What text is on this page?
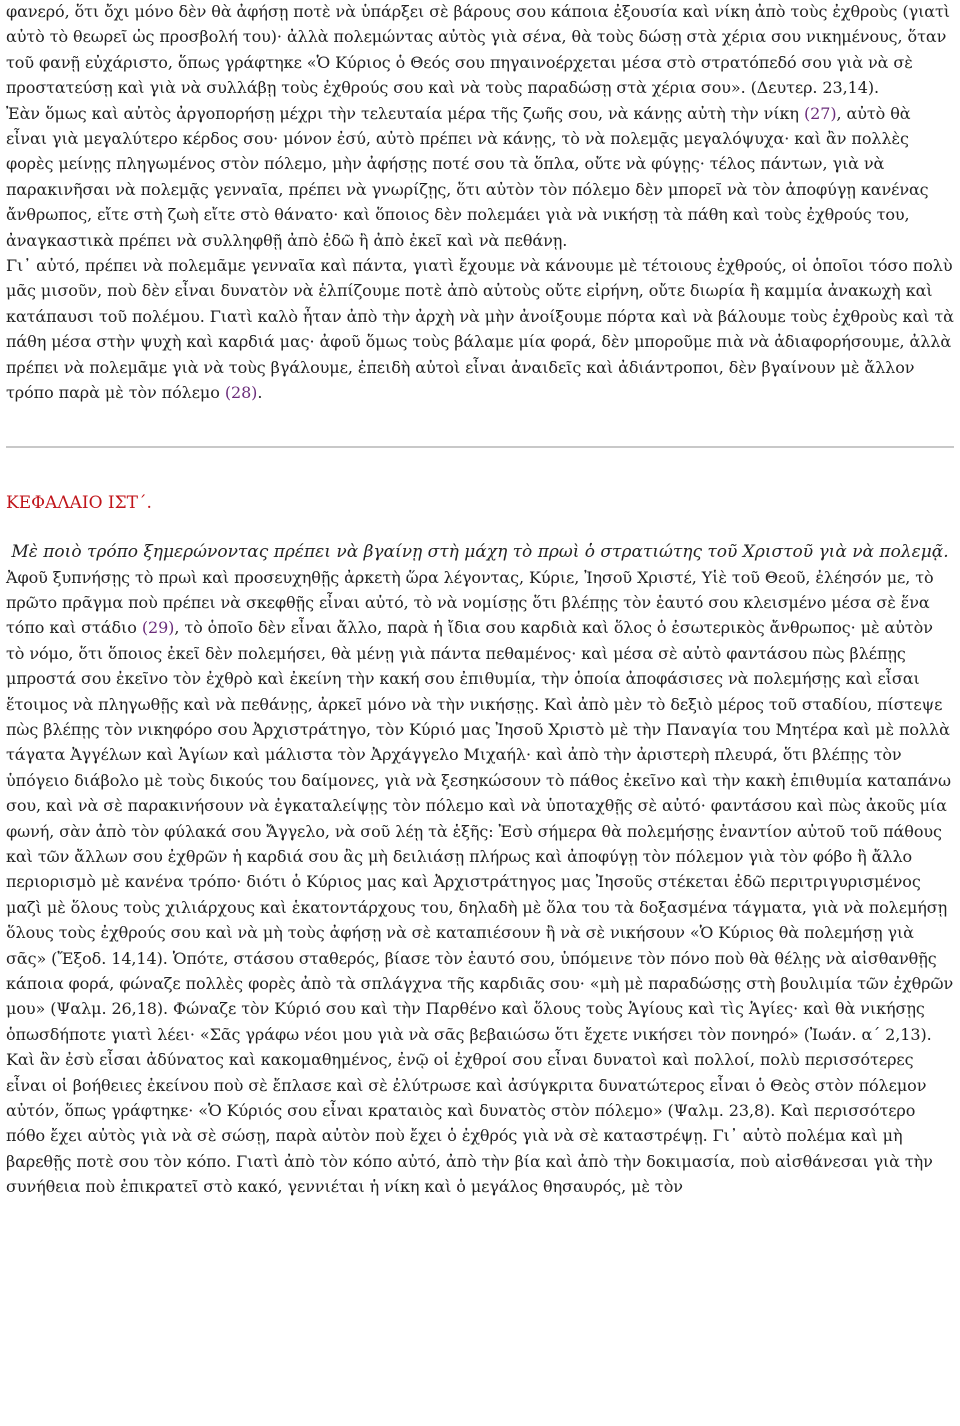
φανερό, ὅτι ὄχι μόνο δὲν θὰ ἀφήσῃ ποτὲ νὰ ὑπάρξει σὲ βάρους σου κάποια ἐξουσία καὶ νίκη ἀπὸ τοὺς ἐχθροὺς (γιατὶ αὐτὸ τὸ θεωρεῖ ὡς προσβολή του)· ἀλλὰ πολεμώντας αὐτὸς γιὰ σένα, θὰ τοὺς δώσῃ στὰ χέρια σου νικημένους, ὅταν τοῦ φανῇ εὐχάριστο, ὅπως γράφτηκε «Ὁ Κύριος ὁ Θεός σου πηγαινοέρχεται μέσα στὸ στρατόπεδό σου γιὰ νὰ σὲ προστατεύσῃ καὶ γιὰ νὰ συλλάβῃ τοὺς ἐχθρούς σου καὶ νὰ τοὺς παραδώσῃ στὰ χέρια σου». (Δευτερ. 23,14).

Ἐὰν ὅμως καὶ αὐτὸς ἀργοπορήσῃ μέχρι τὴν τελευταία μέρα τῆς ζωῆς σου, νὰ κάνῃς αὐτὴ τὴν νίκη (27), αὐτὸ θὰ εἶναι γιὰ μεγαλύτερο κέρδος σου· μόνον ἐσύ, αὐτὸ πρέπει νὰ κάνῃς, τὸ νὰ πολεμᾷς μεγαλόψυχα· καὶ ἂν πολλὲς φορὲς μείνῃς πληγωμένος στὸν πόλεμο, μὴν ἀφήσῃς ποτέ σου τὰ ὅπλα, οὔτε νὰ φύγῃς· τέλος πάντων, γιὰ νὰ παρακινῆσαι νὰ πολεμᾷς γενναῖα, πρέπει νὰ γνωρίζῃς, ὅτι αὐτὸν τὸν πόλεμο δὲν μπορεῖ νὰ τὸν ἀποφύγῃ κανένας ἄνθρωπος, εἴτε στὴ ζωὴ εἴτε στὸ θάνατο· καὶ ὅποιος δὲν πολεμάει γιὰ νὰ νικήσῃ τὰ πάθη καὶ τοὺς ἐχθρούς του, ἀναγκαστικὰ πρέπει νὰ συλληφθῇ ἀπὸ ἐδῶ ἢ ἀπὸ ἐκεῖ καὶ νὰ πεθάνῃ.

Γι᾿ αὐτό, πρέπει νὰ πολεμᾶμε γενναῖα καὶ πάντα, γιατὶ ἔχουμε νὰ κάνουμε μὲ τέτοιους ἐχθρούς, οἱ ὁποῖοι τόσο πολὺ μᾶς μισοῦν, ποὺ δὲν εἶναι δυνατὸν νὰ ἐλπίζουμε ποτὲ ἀπὸ αὐτοὺς οὔτε εἰρήνη, οὔτε διωρία ἢ καμμία ἀνακωχὴ καὶ κατάπαυσι τοῦ πολέμου. Γιατὶ καλὸ ἦταν ἀπὸ τὴν ἀρχὴ νὰ μὴν ἀνοίξουμε πόρτα καὶ νὰ βάλουμε τοὺς ἐχθροὺς καὶ τὰ πάθη μέσα στὴν ψυχὴ καὶ καρδιά μας· ἀφοῦ ὅμως τοὺς βάλαμε μία φορά, δὲν μποροῦμε πιὰ νὰ ἀδιαφορήσουμε, ἀλλὰ πρέπει νὰ πολεμᾶμε γιὰ νὰ τοὺς βγάλουμε, ἐπειδὴ αὐτοὶ εἶναι ἀναιδεῖς καὶ ἀδιάντροποι, δὲν βγαίνουν μὲ ἄλλον τρόπο παρὰ μὲ τὸν πόλεμο (28).

ΚΕΦΑΛΑΙΟ ΙΣΤ΄.
Μὲ ποιὸ τρόπο ξημερώνοντας πρέπει νὰ βγαίνῃ στὴ μάχη τὸ πρωὶ ὁ στρατιώτης τοῦ Χριστοῦ γιὰ νὰ πολεμᾷ.

Ἀφοῦ ξυπνήσῃς τὸ πρωὶ καὶ προσευχηθῇς ἀρκετὴ ὥρα λέγοντας, Κύριε, Ἰησοῦ Χριστέ, Υἱὲ τοῦ Θεοῦ, ἐλέησόν με, τὸ πρῶτο πρᾶγμα ποὺ πρέπει νὰ σκεφθῇς εἶναι αὐτό, τὸ νὰ νομίσῃς ὅτι βλέπῃς τὸν ἑαυτό σου κλεισμένο μέσα σὲ ἕνα τόπο καὶ στάδιο (29), τὸ ὁποῖο δὲν εἶναι ἄλλο, παρὰ ἡ ἴδια σου καρδιὰ καὶ ὅλος ὁ ἐσωτερικὸς ἄνθρωπος· μὲ αὐτὸν τὸ νόμο, ὅτι ὅποιος ἐκεῖ δὲν πολεμήσει, θὰ μένῃ γιὰ πάντα πεθαμένος· καὶ μέσα σὲ αὐτὸ φαντάσου πὼς βλέπῃς μπροστά σου ἐκεῖνο τὸν ἐχθρὸ καὶ ἐκείνη τὴν κακή σου ἐπιθυμία, τὴν ὁποία ἀποφάσισες νὰ πολεμήσῃς καὶ εἶσαι ἕτοιμος νὰ πληγωθῇς καὶ νὰ πεθάνῃς, ἀρκεῖ μόνο νὰ τὴν νικήσῃς. Καὶ ἀπὸ μὲν τὸ δεξιὸ μέρος τοῦ σταδίου, πίστεψε πὼς βλέπῃς τὸν νικηφόρο σου Ἀρχιστράτηγο, τὸν Κύριό μας Ἰησοῦ Χριστὸ μὲ τὴν Παναγία του Μητέρα καὶ μὲ πολλὰ τάγατα Ἀγγέλων καὶ Ἁγίων καὶ μάλιστα τὸν Ἀρχάγγελο Μιχαήλ· καὶ ἀπὸ τὴν ἀριστερὴ πλευρά, ὅτι βλέπῃς τὸν ὑπόγειο διάβολο μὲ τοὺς δικούς του δαίμονες, γιὰ νὰ ξεσηκώσουν τὸ πάθος ἐκεῖνο καὶ τὴν κακὴ ἐπιθυμία καταπάνω σου, καὶ νὰ σὲ παρακινήσουν νὰ ἐγκαταλείψῃς τὸν πόλεμο καὶ νὰ ὑποταχθῇς σὲ αὐτό· φαντάσου καὶ πὼς ἀκοῦς μία φωνή, σὰν ἀπὸ τὸν φύλακά σου Ἄγγελο, νὰ σοῦ λέῃ τὰ ἑξῆς: Ἐσὺ σήμερα θὰ πολεμήσῃς ἐναντίον αὐτοῦ τοῦ πάθους καὶ τῶν ἄλλων σου ἐχθρῶν ἡ καρδιά σου ἂς μὴ δειλιάσῃ πλήρως καὶ ἀποφύγῃ τὸν πόλεμον γιὰ τὸν φόβο ἢ ἄλλο περιορισμὸ μὲ κανένα τρόπο· διότι ὁ Κύριος μας καὶ Ἀρχιστράτηγος μας Ἰησοῦς στέκεται ἐδῶ περιτριγυρισμένος μαζὶ μὲ ὅλους τοὺς χιλιάρχους καὶ ἑκατοντάρχους του, δηλαδὴ μὲ ὅλα του τὰ δοξασμένα τάγματα, γιὰ νὰ πολεμήσῃ ὅλους τοὺς ἐχθρούς σου καὶ νὰ μὴ τοὺς ἀφήσῃ νὰ σὲ καταπιέσουν ἢ νὰ σὲ νικήσουν «Ὁ Κύριος θὰ πολεμήσῃ γιὰ σᾶς» (Ἔξοδ. 14,14). Ὁπότε, στάσου σταθερός, βίασε τὸν ἑαυτό σου, ὑπόμεινε τὸν πόνο ποὺ θὰ θέλῃς νὰ αἰσθανθῇς κάποια φορά, φώναζε πολλὲς φορὲς ἀπὸ τὰ σπλάγχνα τῆς καρδιᾶς σου· «μὴ μὲ παραδώσῃς στὴ βουλιμία τῶν ἐχθρῶν μου» (Ψαλμ. 26,18). Φώναζε τὸν Κύριό σου καὶ τὴν Παρθένο καὶ ὅλους τοὺς Ἁγίους καὶ τὶς Ἁγίες· καὶ θὰ νικήσῃς ὁπωσδήποτε γιατὶ λέει· «Σᾶς γράφω νέοι μου γιὰ νὰ σᾶς βεβαιώσω ὅτι ἔχετε νικήσει τὸν πονηρό» (Ἰωάν. α΄ 2,13). Καὶ ἂν ἐσὺ εἶσαι ἀδύνατος καὶ κακομαθημένος, ἐνῷ οἱ ἐχθροί σου εἶναι δυνατοὶ καὶ πολλοί, πολὺ περισσότερες εἶναι οἱ βοήθειες ἐκείνου ποὺ σὲ ἔπλασε καὶ σὲ ἐλύτρωσε καὶ ἀσύγκριτα δυνατώτερος εἶναι ὁ Θεὸς στὸν πόλεμον αὐτόν, ὅπως γράφτηκε· «Ὁ Κύριός σου εἶναι κραταιὸς καὶ δυνατὸς στὸν πόλεμο» (Ψαλμ. 23,8). Καὶ περισσότερο πόθο ἔχει αὐτὸς γιὰ νὰ σὲ σώσῃ, παρὰ αὐτὸν ποὺ ἔχει ὁ ἐχθρός γιὰ νὰ σὲ καταστρέψῃ. Γι᾿ αὐτὸ πολέμα καὶ μὴ βαρεθῇς ποτὲ σου τὸν κόπο. Γιατὶ ἀπὸ τὸν κόπο αὐτό, ἀπὸ τὴν βία καὶ ἀπὸ τὴν δοκιμασία, ποὺ αἰσθάνεσαι γιὰ τὴν συνήθεια ποὺ ἐπικρατεῖ στὸ κακό, γεννιέται ἡ νίκη καὶ ὁ μεγάλος θησαυρός, μὲ τὸν
